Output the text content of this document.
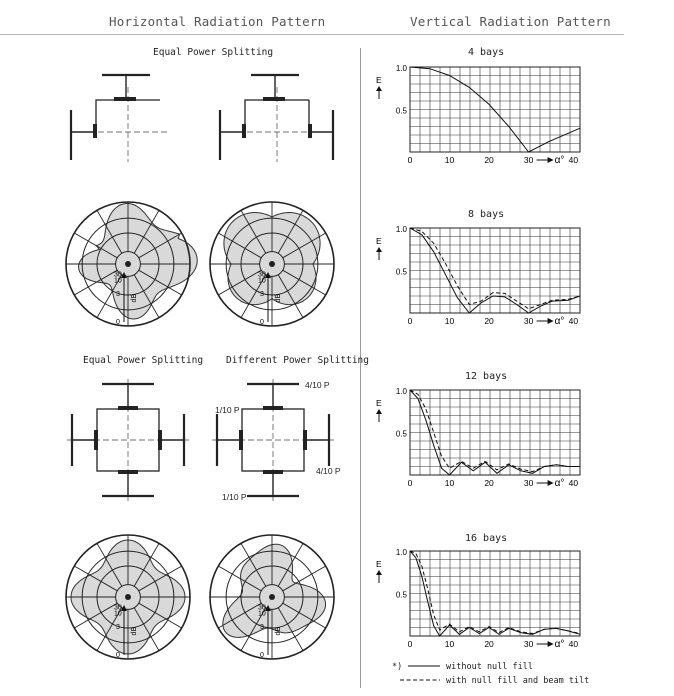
Horizontal Radiation Pattern	Vertical Radiation Pattern
Equal Power Splitting
Equal Power Splitting Different Power Splitting
4/10 P
1/10 P
4/10 P
1/10 P
0
3
10
30
dB
0
3
10
30
dB
0
3
10
30
dB
0
3
10
30
dB
1.0
0.5
E
0	10	20	30 α° 40
1.0
0.5
E
0	10	20	30 α° 40
1.0
0.5
E
0	10	20	30 α° 40
1.0
0.5
E
0	10	20	30 α° 40
4 bays
8 bays
12 bays
16 bays
*)	without null fill
with null fill and beam tilt
